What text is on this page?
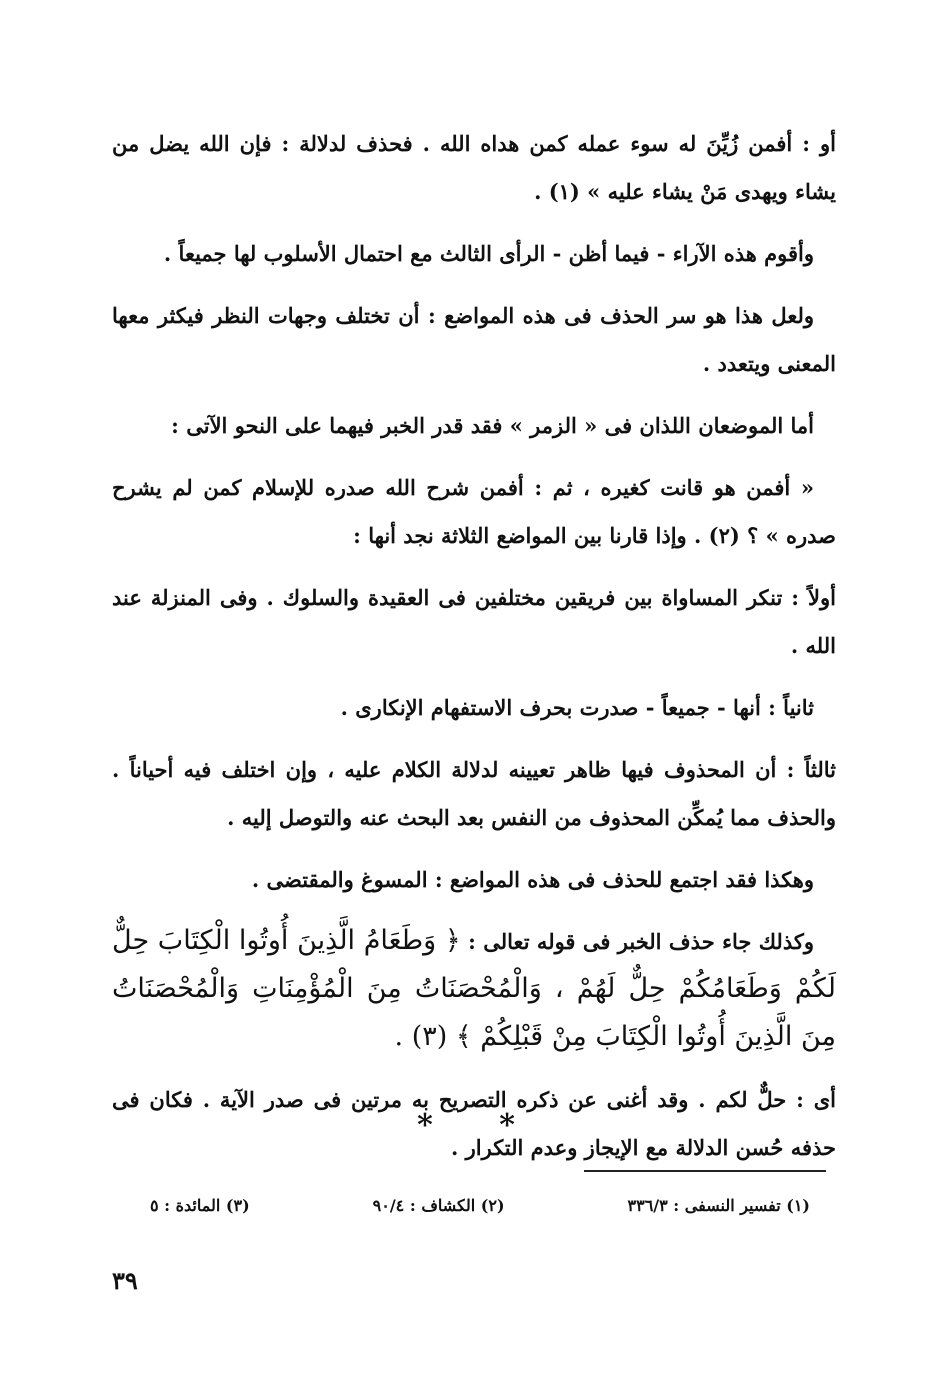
أو : أفمن زُيِّنَ له سوء عمله كمن هداه الله . فحذف لدلالة : فإن الله يضل من يشاء ويهدى مَنْ يشاء عليه » (١) .

وأقوم هذه الآراء - فيما أظن - الرأى الثالث مع احتمال الأسلوب لها جميعاً .

ولعل هذا هو سر الحذف فى هذه المواضع : أن تختلف وجهات النظر فيكثر معها المعنى ويتعدد .

أما الموضعان اللذان فى « الزمر » فقد قدر الخبر فيهما على النحو الآتى :

« أفمن هو قانت كغيره ، ثم : أفمن شرح الله صدره للإسلام كمن لم يشرح صدره » ؟ (٢) . وإذا قارنا بين المواضع الثلاثة نجد أنها :

أولاً : تنكر المساواة بين فريقين مختلفين فى العقيدة والسلوك . وفى المنزلة عند الله .

ثانياً : أنها - جميعاً - صدرت بحرف الاستفهام الإنكارى .

ثالثاً : أن المحذوف فيها ظاهر تعيينه لدلالة الكلام عليه ، وإن اختلف فيه أحياناً . والحذف مما يُمكِّن المحذوف من النفس بعد البحث عنه والتوصل إليه .

وهكذا فقد اجتمع للحذف فى هذه المواضع : المسوغ والمقتضى .

وكذلك جاء حذف الخبر فى قوله تعالى : ﴿ وَطَعَامُ الَّذِينَ أُوتُوا الْكِتَابَ حِلٌّ لَكُمْ وَطَعَامُكُمْ حِلٌّ لَهُمْ ، وَالْمُحْصَنَاتُ مِنَ الْمُؤْمِنَاتِ وَالْمُحْصَنَاتُ مِنَ الَّذِينَ أُوتُوا الْكِتَابَ مِنْ قَبْلِكُمْ ﴾ (٣) .

أى : حلٌّ لكم . وقد أغنى عن ذكره التصريح به مرتين فى صدر الآية . فكان فى حذفه حُسن الدلالة مع الإيجاز وعدم التكرار .

* *
(١) تفسير النسفى : ٣٣٦/٣
(٢) الكشاف : ٩٠/٤
(٣) المائدة : ٥
٣٩
